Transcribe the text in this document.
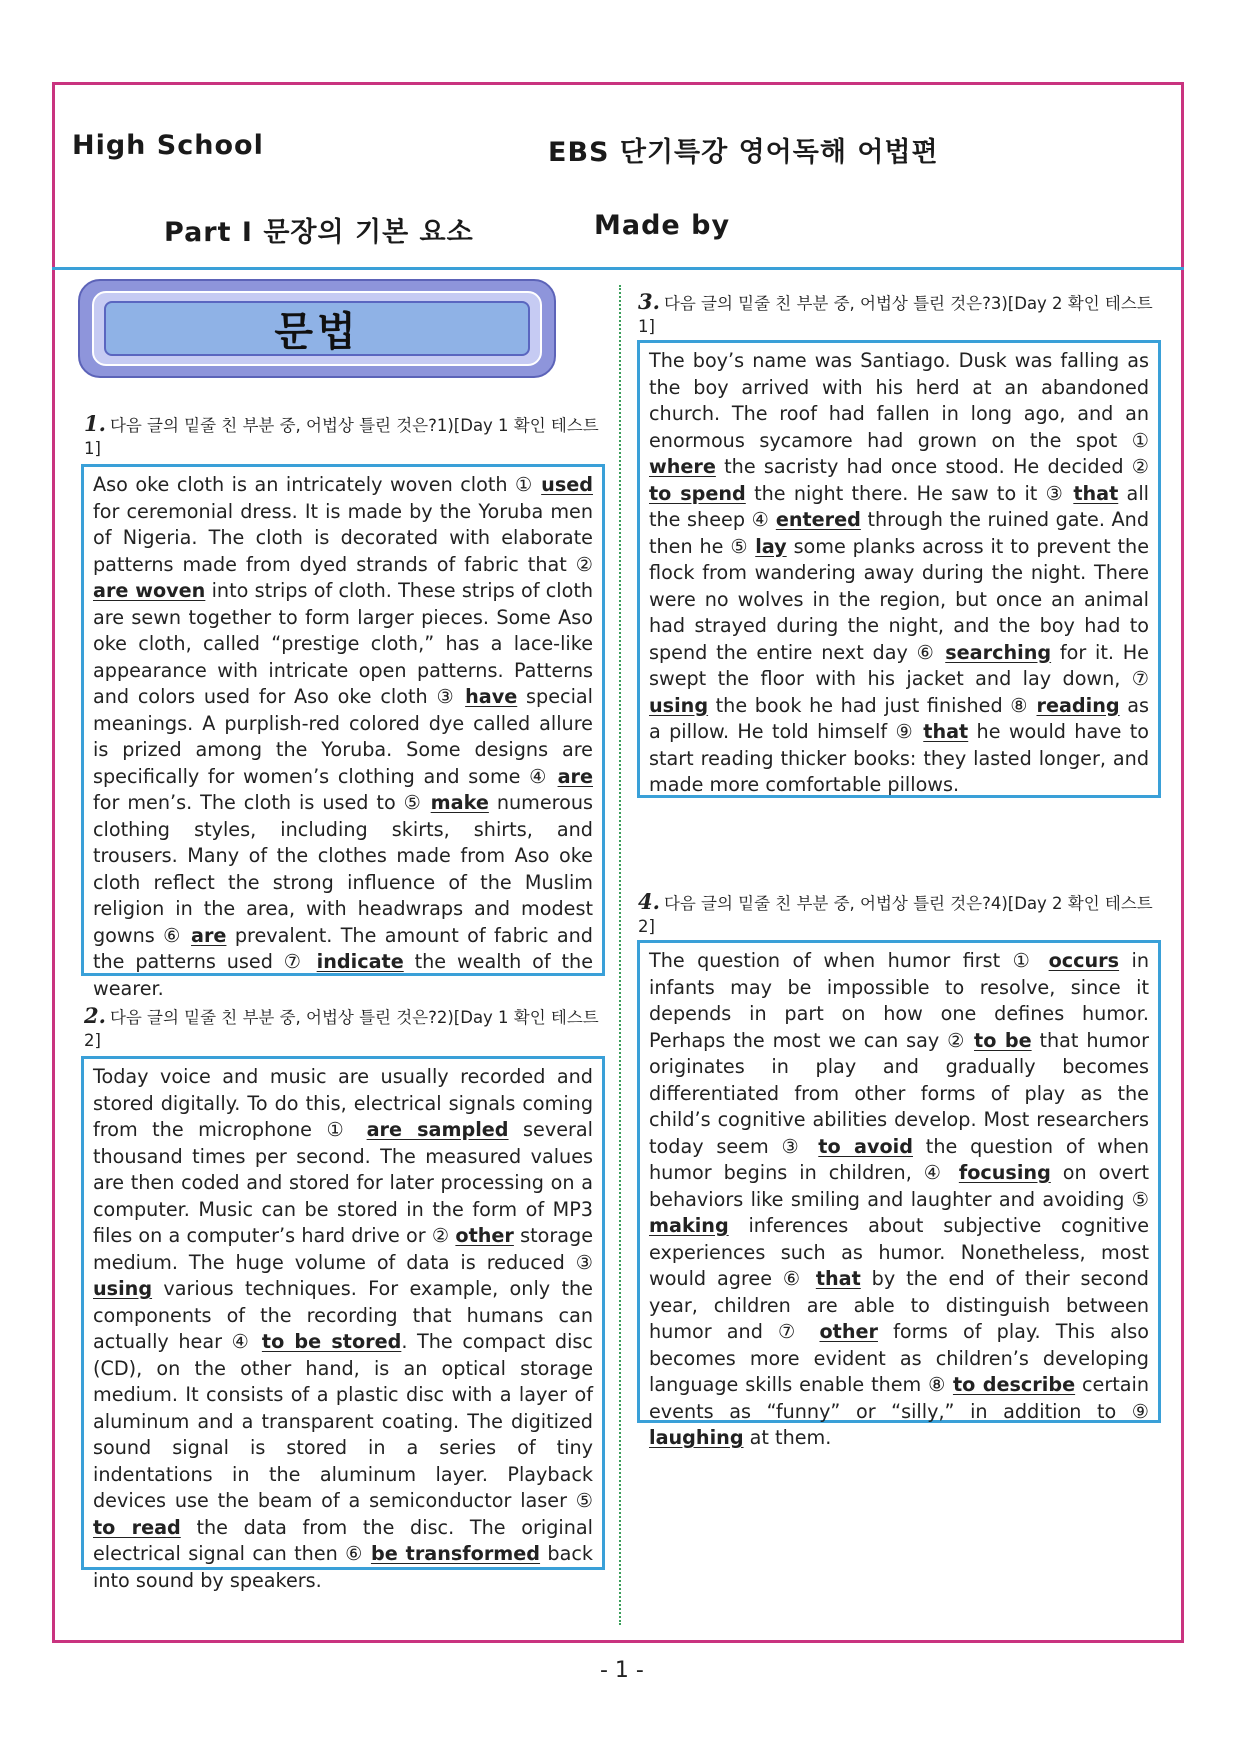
High School	EBS 단기특강 영어독해 어법편
Part Ⅰ 문장의 기본 요소	Made by
문법
1. 다음 글의 밑줄 친 부분 중, 어법상 틀린 것은?1)[Day 1 확인 테스트 1]
Aso oke cloth is an intricately woven cloth ① used for ceremonial dress. It is made by the Yoruba men of Nigeria. The cloth is decorated with elaborate patterns made from dyed strands of fabric that ② are woven into strips of cloth. These strips of cloth are sewn together to form larger pieces. Some Aso oke cloth, called “prestige cloth,” has a lace-like appearance with intricate open patterns. Patterns and colors used for Aso oke cloth ③ have special meanings. A purplish-red colored dye called allure is prized among the Yoruba. Some designs are specifically for women’s clothing and some ④ are for men’s. The cloth is used to ⑤ make numerous clothing styles, including skirts, shirts, and trousers. Many of the clothes made from Aso oke cloth reflect the strong influence of the Muslim religion in the area, with headwraps and modest gowns ⑥ are prevalent. The amount of fabric and the patterns used ⑦ indicate the wealth of the wearer.
2. 다음 글의 밑줄 친 부분 중, 어법상 틀린 것은?2)[Day 1 확인 테스트 2]
Today voice and music are usually recorded and stored digitally. To do this, electrical signals coming from the microphone ① are sampled several thousand times per second. The measured values are then coded and stored for later processing on a computer. Music can be stored in the form of MP3 files on a computer’s hard drive or ② other storage medium. The huge volume of data is reduced ③ using various techniques. For example, only the components of the recording that humans can actually hear ④ to be stored. The compact disc (CD), on the other hand, is an optical storage medium. It consists of a plastic disc with a layer of aluminum and a transparent coating. The digitized sound signal is stored in a series of tiny indentations in the aluminum layer. Playback devices use the beam of a semiconductor laser ⑤ to read the data from the disc. The original electrical signal can then ⑥ be transformed back into sound by speakers.
3. 다음 글의 밑줄 친 부분 중, 어법상 틀린 것은?3)[Day 2 확인 테스트 1]
The boy’s name was Santiago. Dusk was falling as the boy arrived with his herd at an abandoned church. The roof had fallen in long ago, and an enormous sycamore had grown on the spot ① where the sacristy had once stood. He decided ② to spend the night there. He saw to it ③ that all the sheep ④ entered through the ruined gate. And then he ⑤ lay some planks across it to prevent the flock from wandering away during the night. There were no wolves in the region, but once an animal had strayed during the night, and the boy had to spend the entire next day ⑥ searching for it. He swept the floor with his jacket and lay down, ⑦ using the book he had just finished ⑧ reading as a pillow. He told himself ⑨ that he would have to start reading thicker books: they lasted longer, and made more comfortable pillows.
4. 다음 글의 밑줄 친 부분 중, 어법상 틀린 것은?4)[Day 2 확인 테스트 2]
The question of when humor first ① occurs in infants may be impossible to resolve, since it depends in part on how one defines humor. Perhaps the most we can say ② to be that humor originates in play and gradually becomes differentiated from other forms of play as the child’s cognitive abilities develop. Most researchers today seem ③ to avoid the question of when humor begins in children, ④ focusing on overt behaviors like smiling and laughter and avoiding ⑤ making inferences about subjective cognitive experiences such as humor. Nonetheless, most would agree ⑥ that by the end of their second year, children are able to distinguish between humor and ⑦ other forms of play. This also becomes more evident as children’s developing language skills enable them ⑧ to describe certain events as “funny” or “silly,” in addition to ⑨ laughing at them.
- 1 -
